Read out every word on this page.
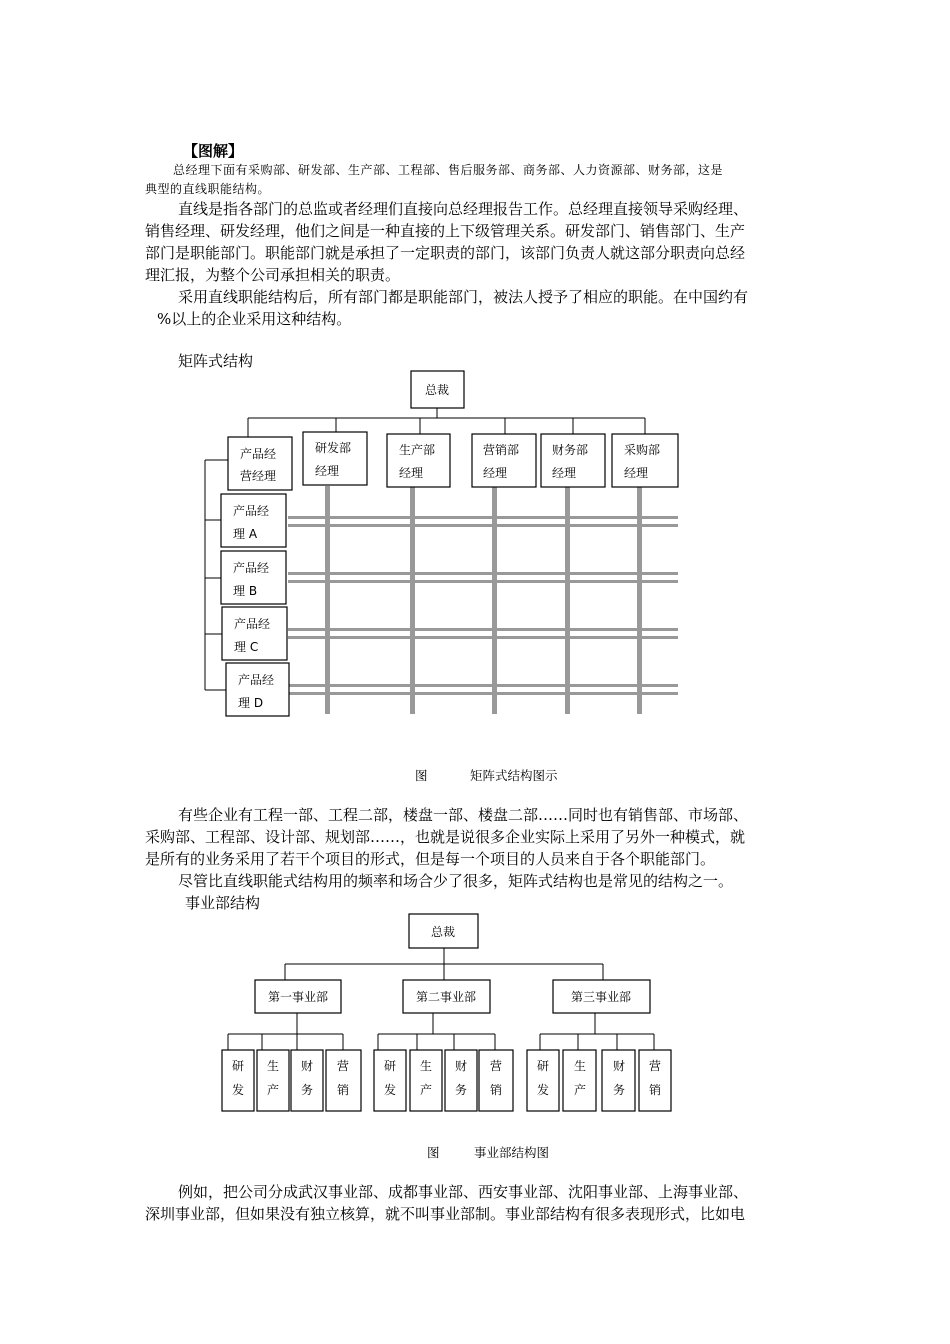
【图解】
总经理下面有采购部、研发部、生产部、工程部、售后服务部、商务部、人力资源部、财务部，这是
典型的直线职能结构。
直线是指各部门的总监或者经理们直接向总经理报告工作。总经理直接领导采购经理、
销售经理、研发经理，他们之间是一种直接的上下级管理关系。研发部门、销售部门、生产
部门是职能部门。职能部门就是承担了一定职责的部门，该部门负责人就这部分职责向总经
理汇报，为整个公司承担相关的职责。
采用直线职能结构后，所有部门都是职能部门，被法人授予了相应的职能。在中国约有
%以上的企业采用这种结构。
矩阵式结构
总裁
产品经
营经理
研发部
经理
生产部
经理
营销部
经理
财务部
经理
采购部
经理
产品经
理 A
产品经
理 B
产品经
理 C
产品经
理 D
图	矩阵式结构图示
有些企业有工程一部、工程二部，楼盘一部、楼盘二部……同时也有销售部、市场部、
采购部、工程部、设计部、规划部……，也就是说很多企业实际上采用了另外一种模式，就
是所有的业务采用了若干个项目的形式，但是每一个项目的人员来自于各个职能部门。
尽管比直线职能式结构用的频率和场合少了很多，矩阵式结构也是常见的结构之一。
事业部结构
总裁
第一事业部	第二事业部	第三事业部
研
发
生
产
财
务
营
销
研
发
生
产
财
务
营
销
研
发
生
产
财
务
营
销
图	事业部结构图
例如，把公司分成武汉事业部、成都事业部、西安事业部、沈阳事业部、上海事业部、
深圳事业部，但如果没有独立核算，就不叫事业部制。事业部结构有很多表现形式，比如电
